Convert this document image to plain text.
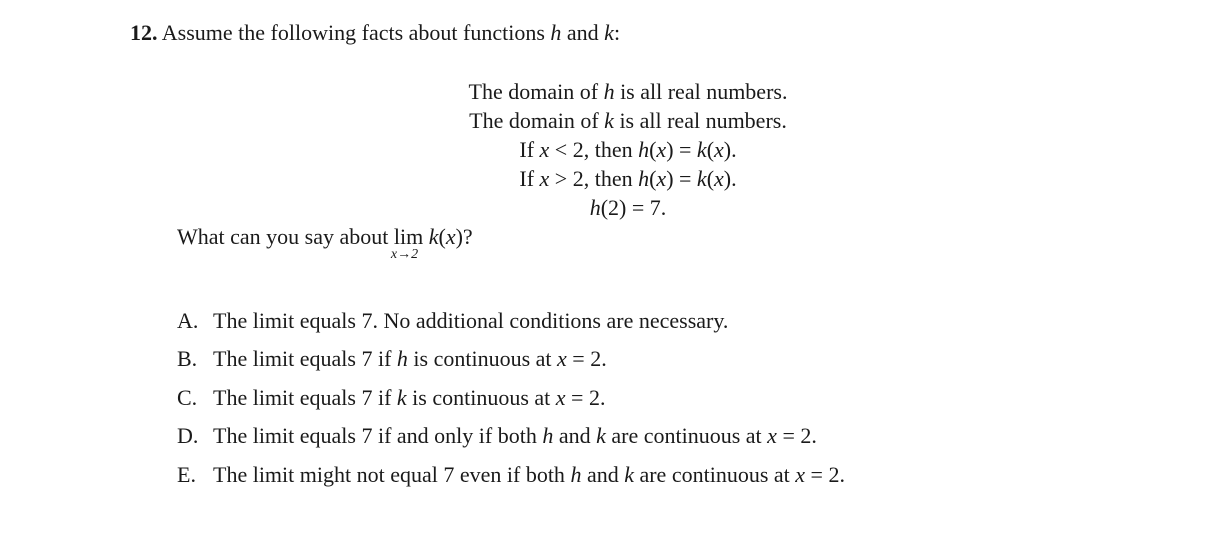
12. Assume the following facts about functions h and k:
The domain of h is all real numbers.
The domain of k is all real numbers.
If x < 2, then h(x) = k(x).
If x > 2, then h(x) = k(x).
h(2) = 7.
What can you say about lim
x→2
k(x)?
A. The limit equals 7. No additional conditions are necessary.
B. The limit equals 7 if h is continuous at x = 2.
C. The limit equals 7 if k is continuous at x = 2.
D. The limit equals 7 if and only if both h and k are continuous at x = 2.
E. The limit might not equal 7 even if both h and k are continuous at x = 2.
